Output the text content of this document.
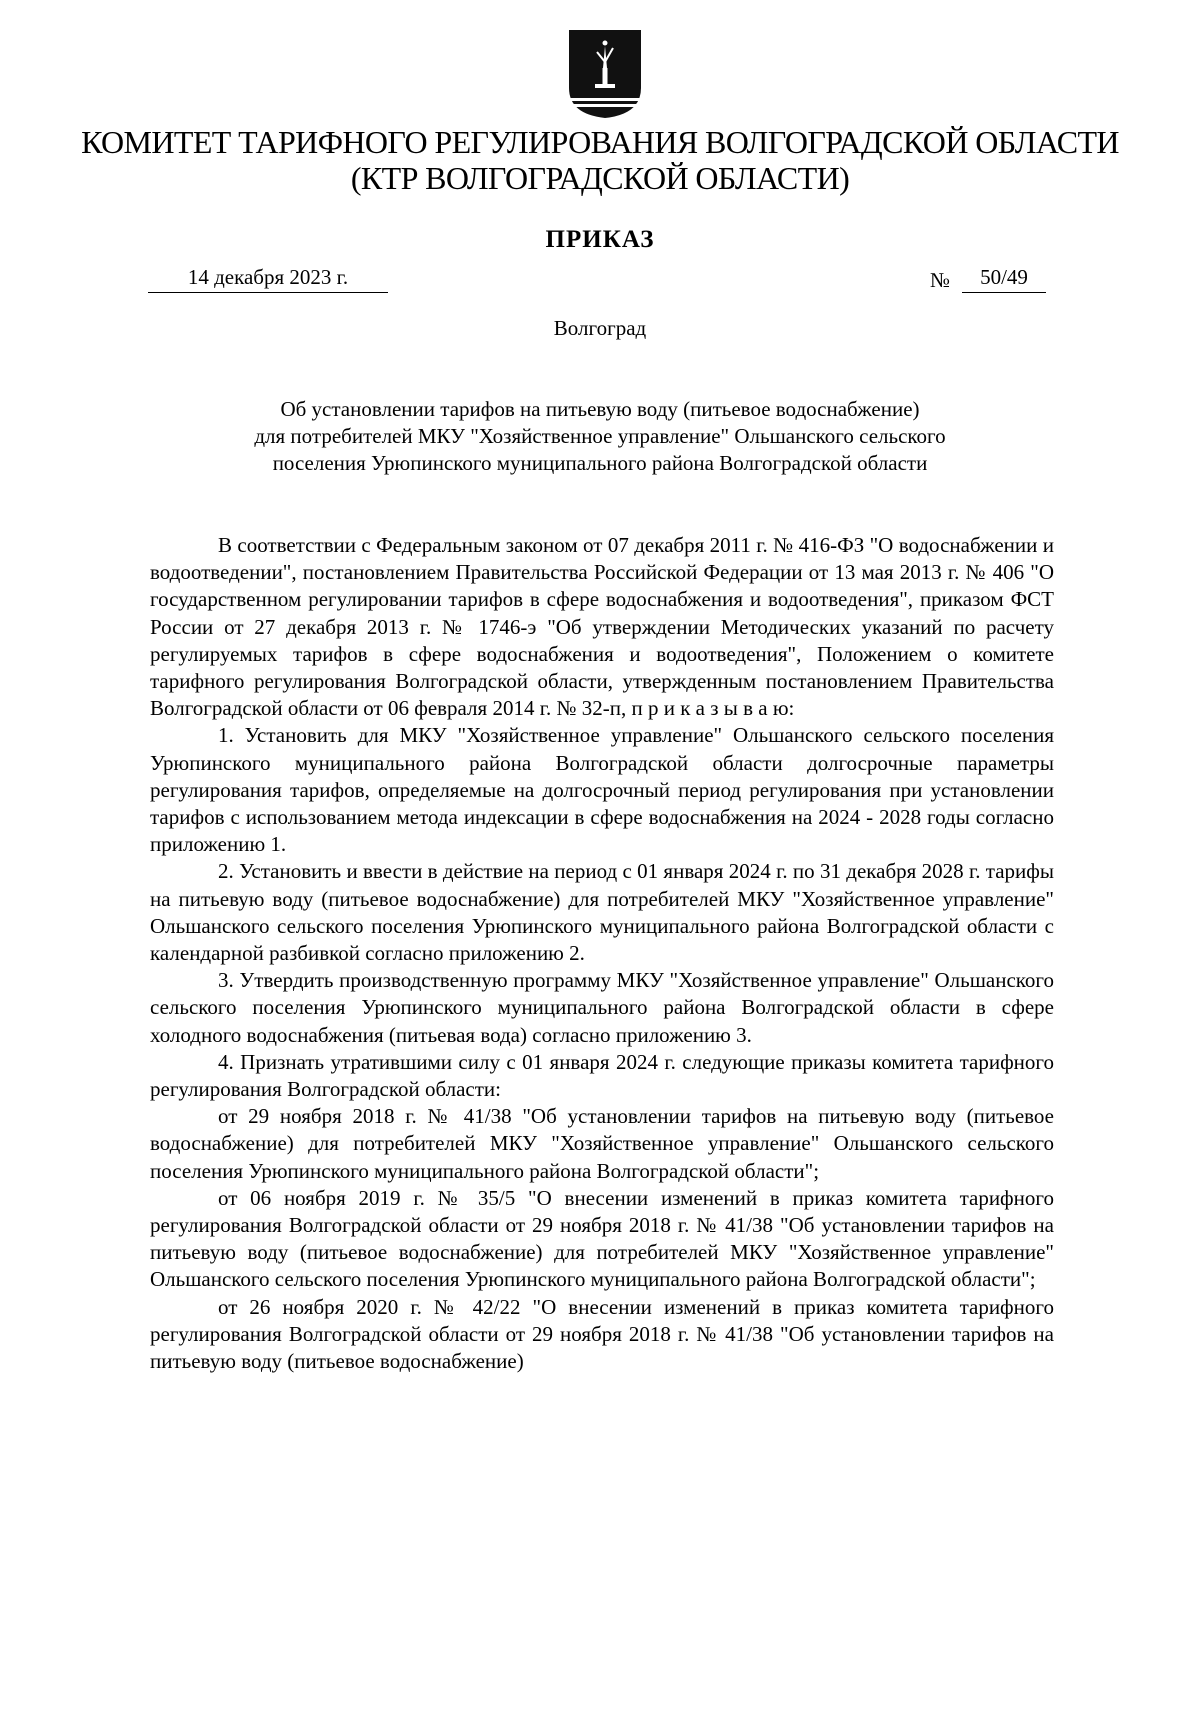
КОМИТЕТ ТАРИФНОГО РЕГУЛИРОВАНИЯ ВОЛГОГРАДСКОЙ ОБЛАСТИ
(КТР ВОЛГОГРАДСКОЙ ОБЛАСТИ)
ПРИКАЗ
14 декабря 2023 г.	№	50/49
Волгоград
Об установлении тарифов на питьевую воду (питьевое водоснабжение)
для потребителей МКУ "Хозяйственное управление" Ольшанского сельского
поселения Урюпинского муниципального района Волгоградской области

В соответствии с Федеральным законом от 07 декабря 2011 г. № 416-ФЗ "О водоснабжении и водоотведении", постановлением Правительства Российской Федерации от 13 мая 2013 г. № 406 "О государственном регулировании тарифов в сфере водоснабжения и водоотведения", приказом ФСТ России от 27 декабря 2013 г. № 1746-э "Об утверждении Методических указаний по расчету регулируемых тарифов в сфере водоснабжения и водоотведения", Положением о комитете тарифного регулирования Волгоградской области, утвержденным постановлением Правительства Волгоградской области от 06 февраля 2014 г. № 32-п, п р и к а з ы в а ю:

1. Установить для МКУ "Хозяйственное управление" Ольшанского сельского поселения Урюпинского муниципального района Волгоградской области долгосрочные параметры регулирования тарифов, определяемые на долгосрочный период регулирования при установлении тарифов с использованием метода индексации в сфере водоснабжения на 2024 - 2028 годы согласно приложению 1.

2. Установить и ввести в действие на период с 01 января 2024 г. по 31 декабря 2028 г. тарифы на питьевую воду (питьевое водоснабжение) для потребителей МКУ "Хозяйственное управление" Ольшанского сельского поселения Урюпинского муниципального района Волгоградской области с календарной разбивкой согласно приложению 2.

3. Утвердить производственную программу МКУ "Хозяйственное управление" Ольшанского сельского поселения Урюпинского муниципального района Волгоградской области в сфере холодного водоснабжения (питьевая вода) согласно приложению 3.

4. Признать утратившими силу с 01 января 2024 г. следующие приказы комитета тарифного регулирования Волгоградской области:

от 29 ноября 2018 г. № 41/38 "Об установлении тарифов на питьевую воду (питьевое водоснабжение) для потребителей МКУ "Хозяйственное управление" Ольшанского сельского поселения Урюпинского муниципального района Волгоградской области";

от 06 ноября 2019 г. № 35/5 "О внесении изменений в приказ комитета тарифного регулирования Волгоградской области от 29 ноября 2018 г. № 41/38 "Об установлении тарифов на питьевую воду (питьевое водоснабжение) для потребителей МКУ "Хозяйственное управление" Ольшанского сельского поселения Урюпинского муниципального района Волгоградской области";

от 26 ноября 2020 г. № 42/22 "О внесении изменений в приказ комитета тарифного регулирования Волгоградской области от 29 ноября 2018 г. № 41/38 "Об установлении тарифов на питьевую воду (питьевое водоснабжение)
